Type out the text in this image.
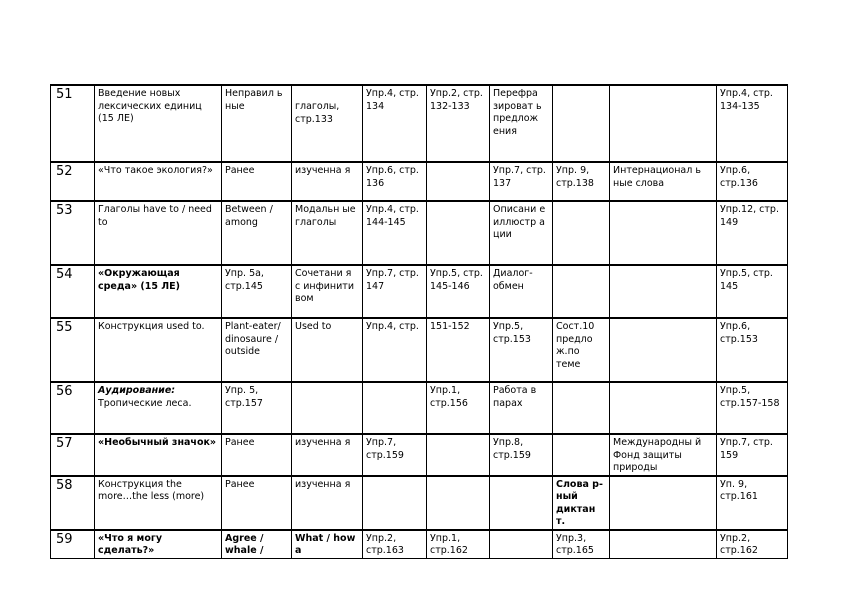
51	Введение новых лексических единиц (15 ЛЕ)	Неправил ь ные	глаголы, стр.133	Упр.4, стр. 134	Упр.2, стр. 132-133	Перефра зироват ь предлож ения			Упр.4, стр. 134-135
52	«Что такое экология?»	Ранее	изученна я	Упр.6, стр. 136		Упр.7, стр. 137	Упр. 9, стр.138	Интернационал ь ные слова	Упр.6, стр.136
53	Глаголы have to / need to	Between / among	Модальн ые глаголы	Упр.4, стр. 144-145		Описани е иллюстр а ции			Упр.12, стр. 149
54	«Окружающая среда» (15 ЛЕ)	Упр. 5а, стр.145	Сочетани я с инфинити вом	Упр.7, стр. 147	Упр.5, стр. 145-146	Диалог-обмен			Упр.5, стр. 145
55	Конструкция used to.	Plant-eater/ dinosaure / outside	Used to	Упр.4, стр.	151-152	Упр.5, стр.153	Сост.10 предло ж.по теме		Упр.6, стр.153
56	Аудирование: Тропические леса.	Упр. 5, стр.157			Упр.1, стр.156	Работа в парах			Упр.5, стр.157-158
57	«Необычный значок»	Ранее	изученна я	Упр.7, стр.159		Упр.8, стр.159		Международны й Фонд защиты природы	Упр.7, стр. 159
58	Конструкция the more…the less (more)	Ранее	изученна я				Слова р-ный диктан т.		Уп. 9, стр.161
59	«Что я могу сделать?»	Agree / whale /	What / how a	Упр.2, стр.163	Упр.1, стр.162		Упр.3, стр.165		Упр.2, стр.162
